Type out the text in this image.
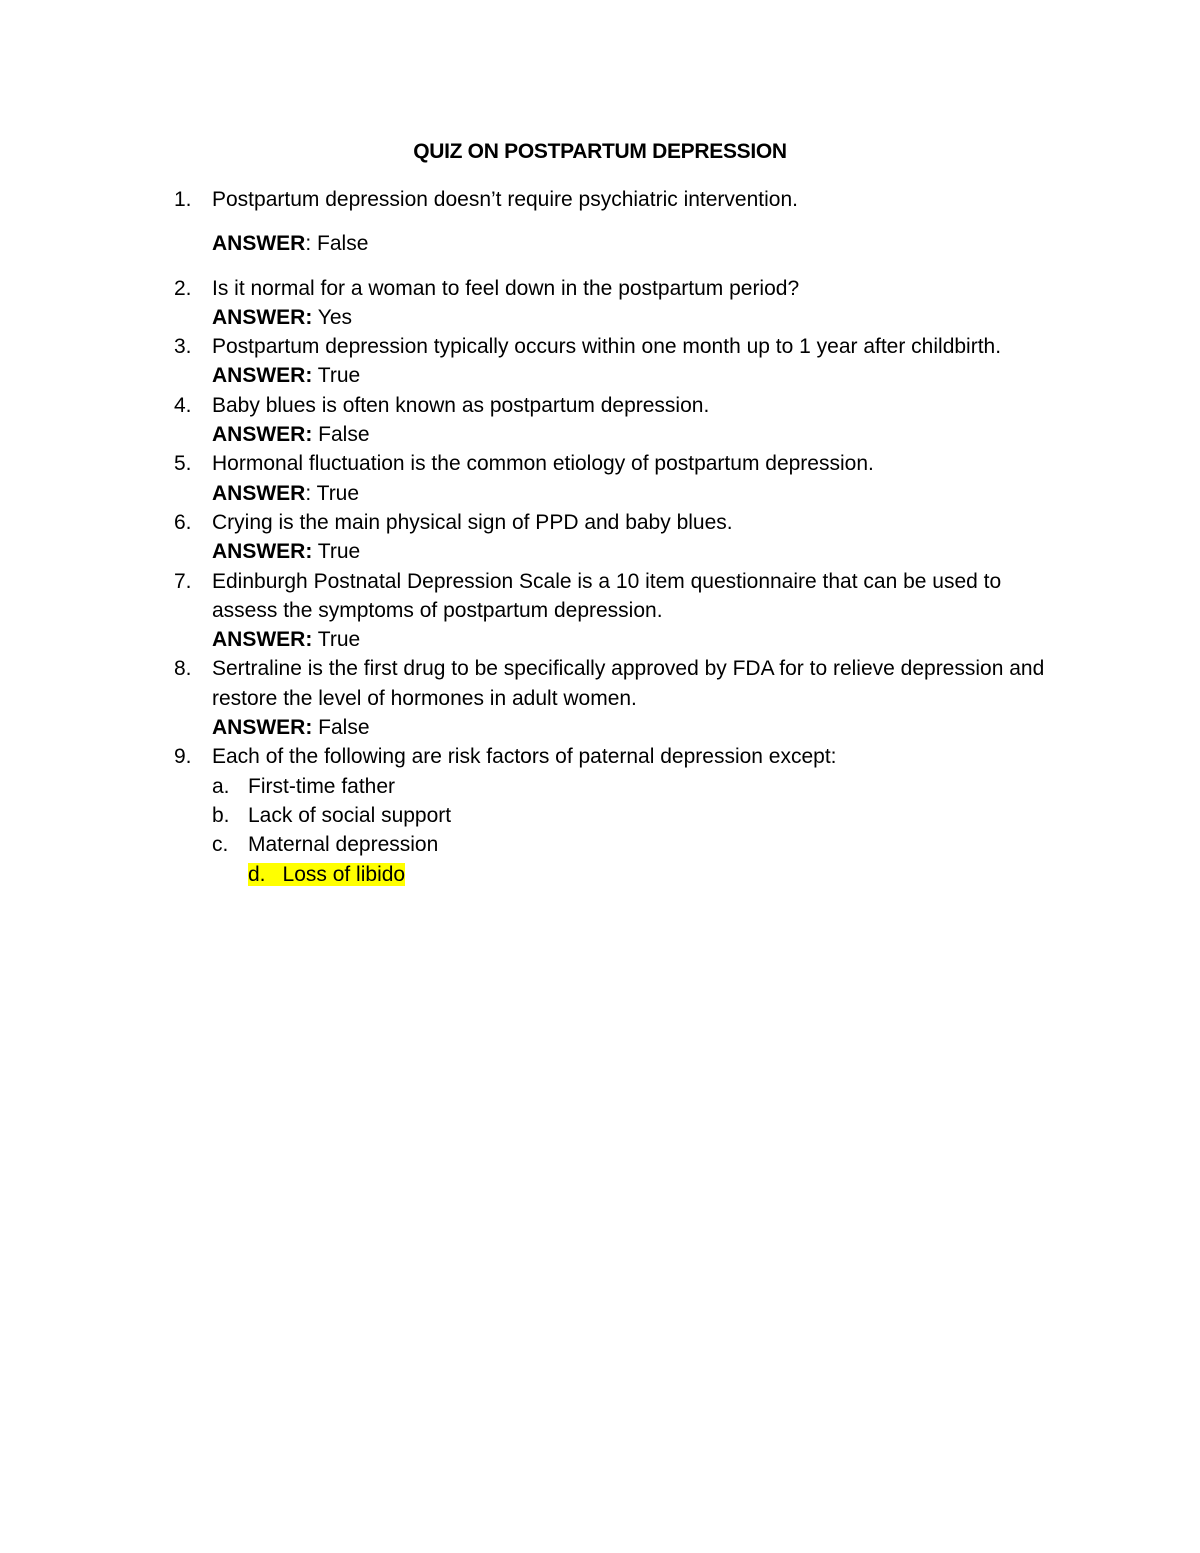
QUIZ ON POSTPARTUM DEPRESSION
1. Postpartum depression doesn’t require psychiatric intervention.
ANSWER: False
2. Is it normal for a woman to feel down in the postpartum period?
ANSWER: Yes
3. Postpartum depression typically occurs within one month up to 1 year after childbirth.
ANSWER: True
4. Baby blues is often known as postpartum depression.
ANSWER: False
5. Hormonal fluctuation is the common etiology of postpartum depression.
ANSWER: True
6. Crying is the main physical sign of PPD and baby blues.
ANSWER: True
7. Edinburgh Postnatal Depression Scale is a 10 item questionnaire that can be used to assess the symptoms of postpartum depression.
ANSWER: True
8. Sertraline is the first drug to be specifically approved by FDA for to relieve depression and restore the level of hormones in adult women.
ANSWER: False
9. Each of the following are risk factors of paternal depression except:
a. First-time father
b. Lack of social support
c. Maternal depression
d. Loss of libido
